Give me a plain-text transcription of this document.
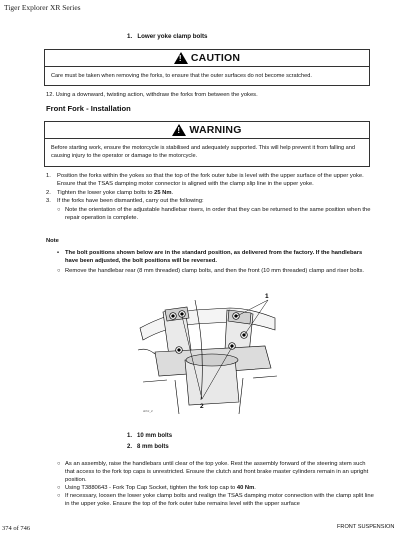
Tiger Explorer XR Series
1. Lower yoke clamp bolts
! CAUTION
Care must be taken when removing the forks, to ensure that the outer surfaces do not become scratched.
12. Using a downward, twisting action, withdraw the forks from between the yokes.
Front Fork - Installation
! WARNING
Before starting work, ensure the motorcycle is stabilised and adequately supported. This will help prevent it from falling and causing injury to the operator or damage to the motorcycle.
1. Position the forks within the yokes so that the top of the fork outer tube is level with the upper surface of the upper yoke. Ensure that the TSAS damping motor connector is aligned with the clamp slip line in the upper yoke.
2. Tighten the lower yoke clamp bolts to 25 Nm.
3. If the forks have been dismantled, carry out the following:
○ Note the orientation of the adjustable handlebar risers, in order that they can be returned to the same position when the repair operation is complete.
Note
• The bolt positions shown below are in the standard position, as delivered from the factory. If the handlebars have been adjusted, the bolt positions will be reversed.
○ Remove the handlebar rear (8 mm threaded) clamp bolts, and then the front (10 mm threaded) clamp and riser bolts.
1
2
shhz_2
1. 10 mm bolts
2. 8 mm bolts
○ As an assembly, raise the handlebars until clear of the top yoke. Rest the assembly forward of the steering stem such that access to the fork top caps is unrestricted. Ensure the clutch and front brake master cylinders remain in an upright position.
○ Using T3880643 - Fork Top Cap Socket, tighten the fork top cap to 40 Nm.
○ If necessary, loosen the lower yoke clamp bolts and realign the TSAS damping motor connection with the clamp split line in the upper yoke. Ensure the top of the fork outer tube remains level with the upper surface
374 of 746	FRONT SUSPENSION
